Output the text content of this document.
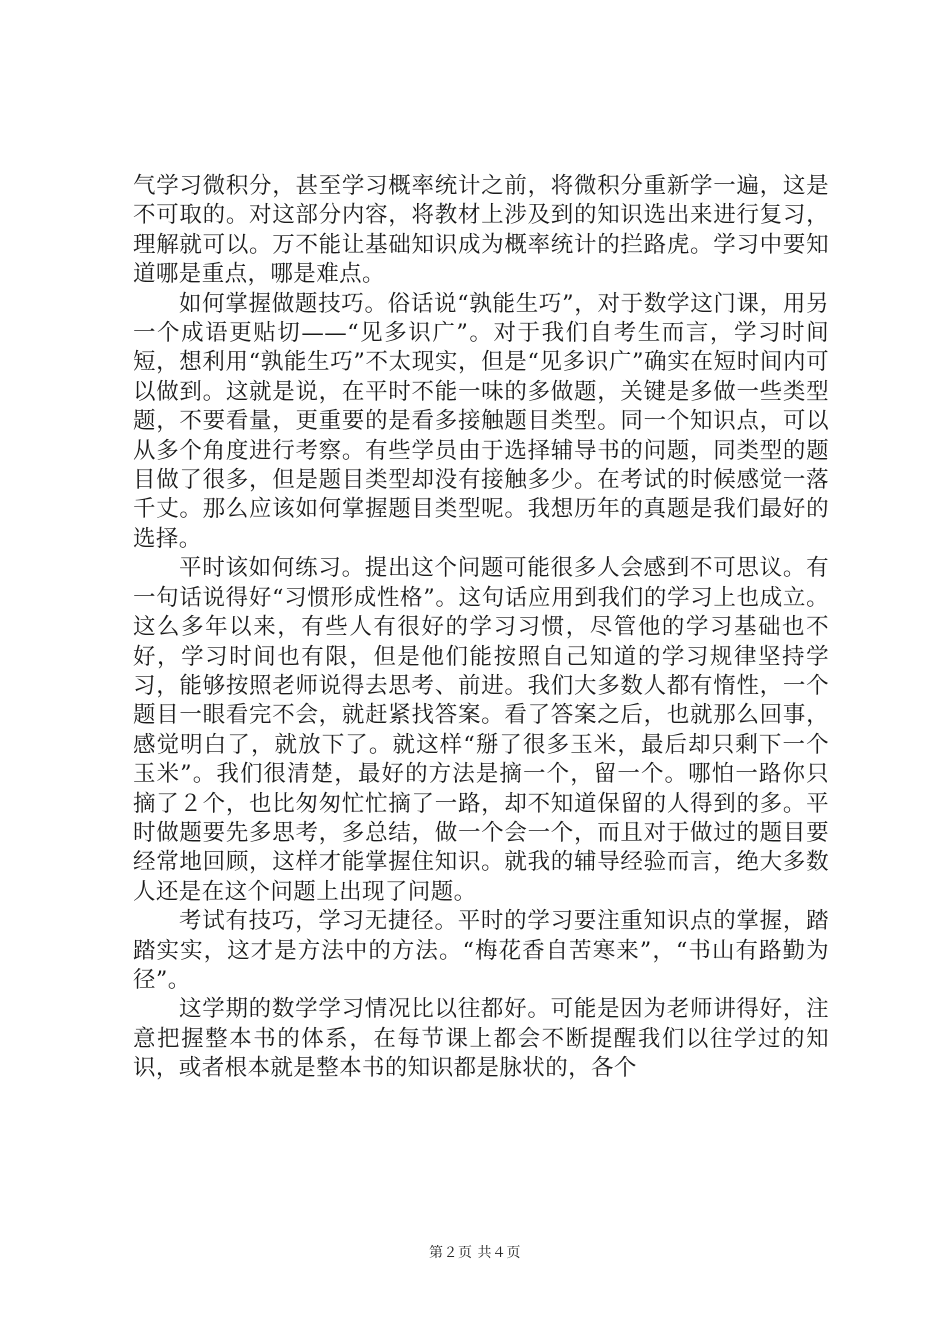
气学习微积分，甚至学习概率统计之前，将微积分重新学一遍，这是不可取的。对这部分内容，将教材上涉及到的知识选出来进行复习，理解就可以。万不能让基础知识成为概率统计的拦路虎。学习中要知道哪是重点，哪是难点。

如何掌握做题技巧。俗话说“孰能生巧”，对于数学这门课，用另一个成语更贴切——“见多识广”。对于我们自考生而言，学习时间短，想利用“孰能生巧”不太现实，但是“见多识广”确实在短时间内可以做到。这就是说，在平时不能一味的多做题，关键是多做一些类型题，不要看量，更重要的是看多接触题目类型。同一个知识点，可以从多个角度进行考察。有些学员由于选择辅导书的问题，同类型的题目做了很多，但是题目类型却没有接触多少。在考试的时候感觉一落千丈。那么应该如何掌握题目类型呢。我想历年的真题是我们最好的选择。

平时该如何练习。提出这个问题可能很多人会感到不可思议。有一句话说得好“习惯形成性格”。这句话应用到我们的学习上也成立。这么多年以来，有些人有很好的学习习惯，尽管他的学习基础也不好，学习时间也有限，但是他们能按照自己知道的学习规律坚持学习，能够按照老师说得去思考、前进。我们大多数人都有惰性，一个题目一眼看完不会，就赶紧找答案。看了答案之后，也就那么回事，感觉明白了，就放下了。就这样“掰了很多玉米，最后却只剩下一个玉米”。我们很清楚，最好的方法是摘一个，留一个。哪怕一路你只摘了２个，也比匆匆忙忙摘了一路，却不知道保留的人得到的多。平时做题要先多思考，多总结，做一个会一个，而且对于做过的题目要经常地回顾，这样才能掌握住知识。就我的辅导经验而言，绝大多数人还是在这个问题上出现了问题。

考试有技巧，学习无捷径。平时的学习要注重知识点的掌握，踏踏实实，这才是方法中的方法。“梅花香自苦寒来”，“书山有路勤为径”。

这学期的数学学习情况比以往都好。可能是因为老师讲得好，注意把握整本书的体系，在每节课上都会不断提醒我们以往学过的知识，或者根本就是整本书的知识都是脉状的，各个

第２页 共４页
